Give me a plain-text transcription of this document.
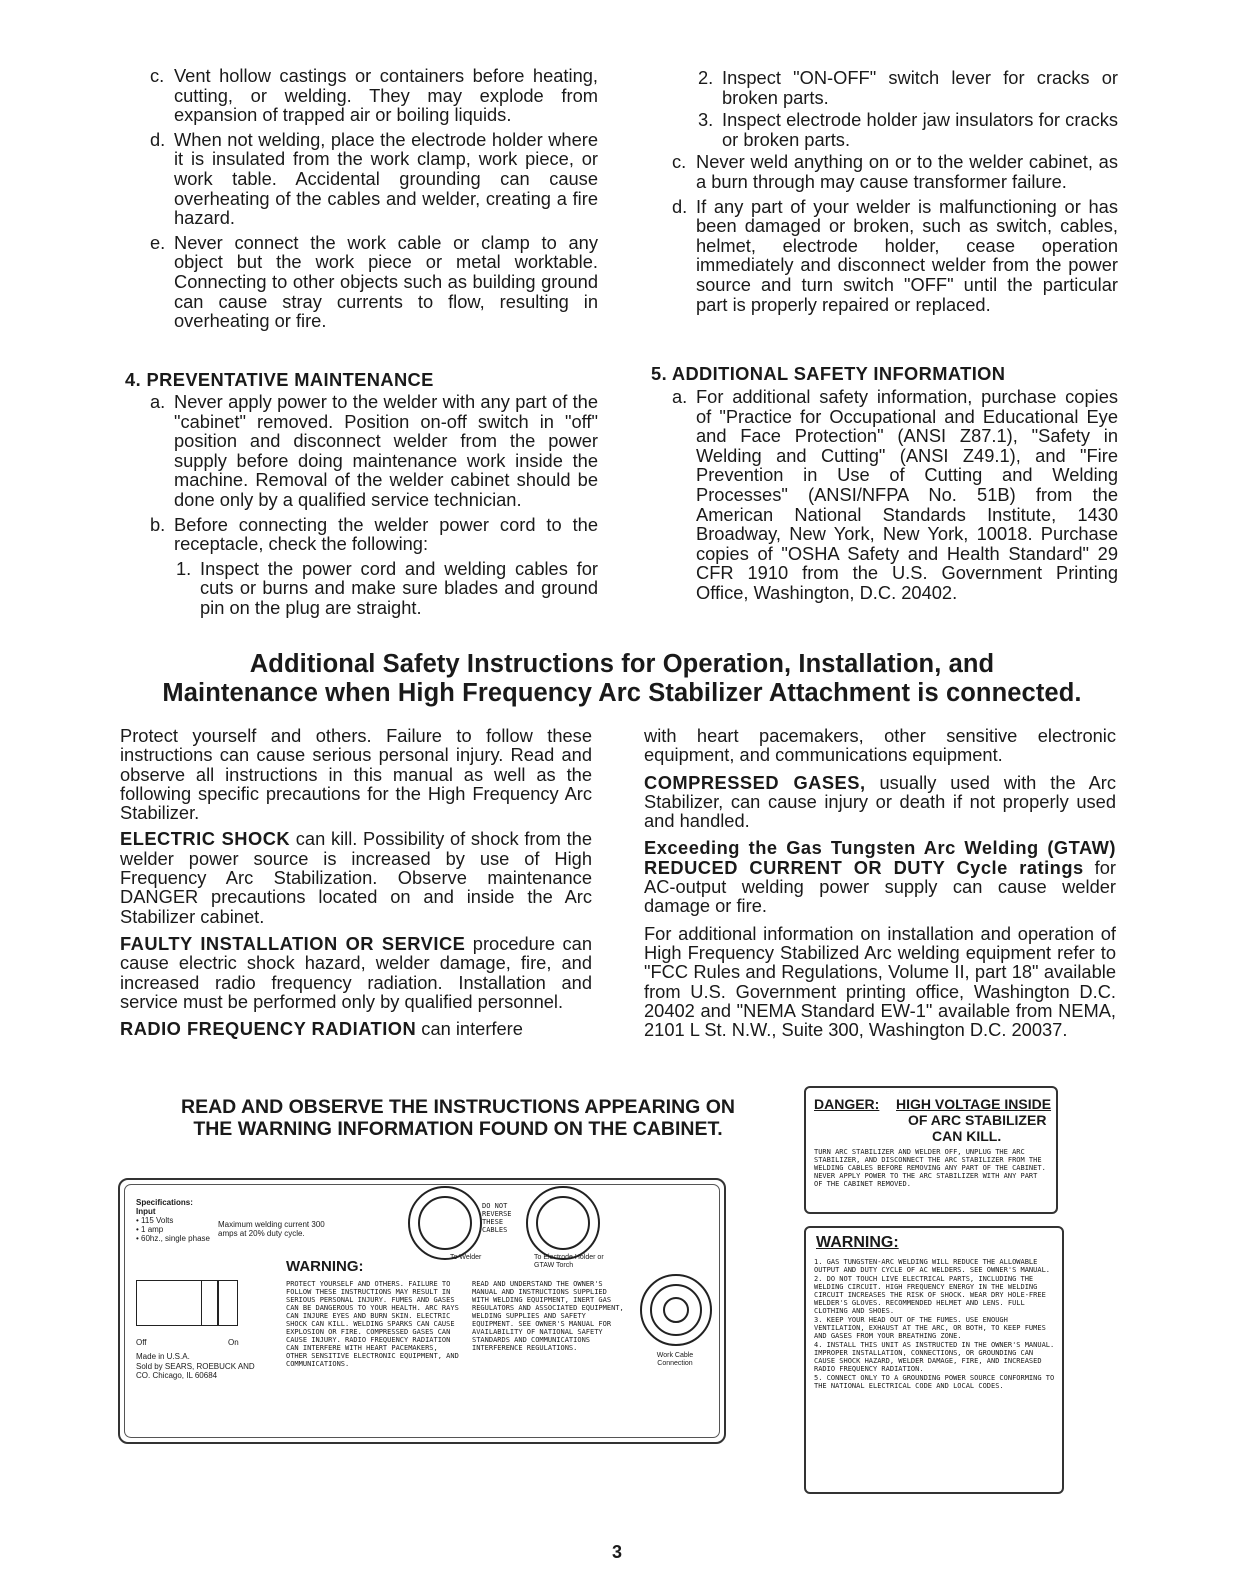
c. Vent hollow castings or containers before heating, cutting, or welding. They may explode from expansion of trapped air or boiling liquids.
d. When not welding, place the electrode holder where it is insulated from the work clamp, work piece, or work table. Accidental grounding can cause overheating of the cables and welder, creating a fire hazard.
e. Never connect the work cable or clamp to any object but the work piece or metal worktable. Connecting to other objects such as building ground can cause stray currents to flow, resulting in overheating or fire.
4. PREVENTATIVE MAINTENANCE
a. Never apply power to the welder with any part of the "cabinet" removed. Position on-off switch in "off" position and disconnect welder from the power supply before doing maintenance work inside the machine. Removal of the welder cabinet should be done only by a qualified service technician.
b. Before connecting the welder power cord to the receptacle, check the following:
1. Inspect the power cord and welding cables for cuts or burns and make sure blades and ground pin on the plug are straight.
2. Inspect "ON-OFF" switch lever for cracks or broken parts.
3. Inspect electrode holder jaw insulators for cracks or broken parts.
c. Never weld anything on or to the welder cabinet, as a burn through may cause transformer failure.
d. If any part of your welder is malfunctioning or has been damaged or broken, such as switch, cables, helmet, electrode holder, cease operation immediately and disconnect welder from the power source and turn switch "OFF" until the particular part is properly repaired or replaced.
5. ADDITIONAL SAFETY INFORMATION
a. For additional safety information, purchase copies of "Practice for Occupational and Educational Eye and Face Protection" (ANSI Z87.1), "Safety in Welding and Cutting" (ANSI Z49.1), and "Fire Prevention in Use of Cutting and Welding Processes" (ANSI/NFPA No. 51B) from the American National Standards Institute, 1430 Broadway, New York, New York, 10018. Purchase copies of "OSHA Safety and Health Standard" 29 CFR 1910 from the U.S. Government Printing Office, Washington, D.C. 20402.
Additional Safety Instructions for Operation, Installation, and
Maintenance when High Frequency Arc Stabilizer Attachment is connected.

Protect yourself and others. Failure to follow these instructions can cause serious personal injury. Read and observe all instructions in this manual as well as the following specific precautions for the High Frequency Arc Stabilizer.

ELECTRIC SHOCK can kill. Possibility of shock from the welder power source is increased by use of High Frequency Arc Stabilization. Observe maintenance DANGER precautions located on and inside the Arc Stabilizer cabinet.

FAULTY INSTALLATION OR SERVICE procedure can cause electric shock hazard, welder damage, fire, and increased radio frequency radiation. Installation and service must be performed only by qualified personnel.

RADIO FREQUENCY RADIATION can interfere

with heart pacemakers, other sensitive electronic equipment, and communications equipment.

COMPRESSED GASES, usually used with the Arc Stabilizer, can cause injury or death if not properly used and handled.

Exceeding the Gas Tungsten Arc Welding (GTAW) REDUCED CURRENT OR DUTY Cycle ratings for AC-output welding power supply can cause welder damage or fire.

For additional information on installation and operation of High Frequency Stabilized Arc welding equipment refer to "FCC Rules and Regulations, Volume II, part 18" available from U.S. Government printing office, Washington D.C. 20402 and "NEMA Standard EW-1" available from NEMA, 2101 L St. N.W., Suite 300, Washington D.C. 20037.

READ AND OBSERVE THE INSTRUCTIONS APPEARING ON
THE WARNING INFORMATION FOUND ON THE CABINET.
Specifications:
Input
• 115 Volts
• 1 amp
• 60hz., single phase
Maximum welding current 300 amps at 20% duty cycle.
Off	On
Made in U.S.A.
Sold by SEARS, ROEBUCK AND CO. Chicago, IL 60684
DO NOT REVERSE THESE CABLES
To Welder	To Electrode Holder or GTAW Torch
WARNING:
PROTECT YOURSELF AND OTHERS. FAILURE TO FOLLOW THESE INSTRUCTIONS MAY RESULT IN SERIOUS PERSONAL INJURY. FUMES AND GASES CAN BE DANGEROUS TO YOUR HEALTH. ARC RAYS CAN INJURE EYES AND BURN SKIN. ELECTRIC SHOCK CAN KILL. WELDING SPARKS CAN CAUSE EXPLOSION OR FIRE. COMPRESSED GASES CAN CAUSE INJURY. RADIO FREQUENCY RADIATION CAN INTERFERE WITH HEART PACEMAKERS, OTHER SENSITIVE ELECTRONIC EQUIPMENT, AND COMMUNICATIONS.
READ AND UNDERSTAND THE OWNER'S MANUAL AND INSTRUCTIONS SUPPLIED WITH WELDING EQUIPMENT, INERT GAS REGULATORS AND ASSOCIATED EQUIPMENT, WELDING SUPPLIES AND SAFETY EQUIPMENT. SEE OWNER'S MANUAL FOR AVAILABILITY OF NATIONAL SAFETY STANDARDS AND COMMUNICATIONS INTERFERENCE REGULATIONS.
Work Cable Connection
DANGER: HIGH VOLTAGE INSIDE
OF ARC STABILIZER
CAN KILL.
TURN ARC STABILIZER AND WELDER OFF, UNPLUG THE ARC STABILIZER, AND DISCONNECT THE ARC STABILIZER FROM THE WELDING CABLES BEFORE REMOVING ANY PART OF THE CABINET. NEVER APPLY POWER TO THE ARC STABILIZER WITH ANY PART OF THE CABINET REMOVED.
WARNING:
1. GAS TUNGSTEN-ARC WELDING WILL REDUCE THE ALLOWABLE OUTPUT AND DUTY CYCLE OF AC WELDERS. SEE OWNER'S MANUAL.
2. DO NOT TOUCH LIVE ELECTRICAL PARTS, INCLUDING THE WELDING CIRCUIT. HIGH FREQUENCY ENERGY IN THE WELDING CIRCUIT INCREASES THE RISK OF SHOCK. WEAR DRY HOLE-FREE WELDER'S GLOVES. RECOMMENDED HELMET AND LENS. FULL CLOTHING AND SHOES.
3. KEEP YOUR HEAD OUT OF THE FUMES. USE ENOUGH VENTILATION, EXHAUST AT THE ARC, OR BOTH, TO KEEP FUMES AND GASES FROM YOUR BREATHING ZONE.
4. INSTALL THIS UNIT AS INSTRUCTED IN THE OWNER'S MANUAL. IMPROPER INSTALLATION, CONNECTIONS, OR GROUNDING CAN CAUSE SHOCK HAZARD, WELDER DAMAGE, FIRE, AND INCREASED RADIO FREQUENCY RADIATION.
5. CONNECT ONLY TO A GROUNDING POWER SOURCE CONFORMING TO THE NATIONAL ELECTRICAL CODE AND LOCAL CODES.
3
